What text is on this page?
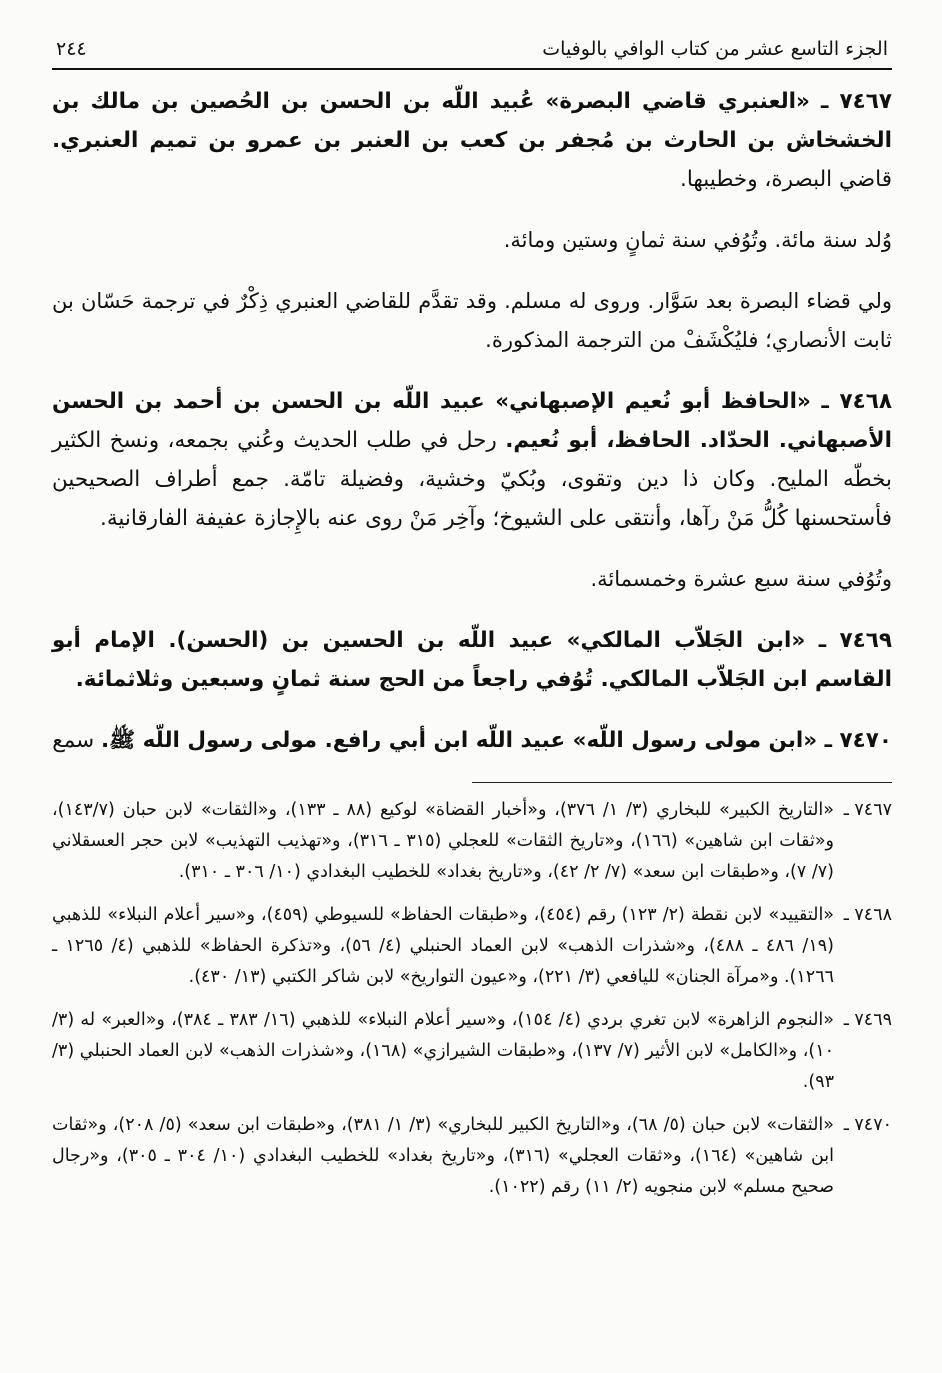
الجزء التاسع عشر من كتاب الوافي بالوفيات
٢٤٤

٧٤٦٧ ـ «العنبري قاضي البصرة» عُبيد اللّه بن الحسن بن الحُصين بن مالك بن الخشخاش بن الحارث بن مُجفر بن كعب بن العنبر بن عمرو بن تميم العنبري. قاضي البصرة، وخطيبها.

وُلد سنة مائة. وتُوُفي سنة ثمانٍ وستين ومائة.

ولي قضاء البصرة بعد سَوَّار. وروى له مسلم. وقد تقدَّم للقاضي العنبري ذِكْرٌ في ترجمة حَسّان بن ثابت الأنصاري؛ فليُكْشَفْ من الترجمة المذكورة.

٧٤٦٨ ـ «الحافظ أبو نُعيم الإصبهاني» عبيد اللّه بن الحسن بن أحمد بن الحسن الأصبهاني. الحدّاد. الحافظ، أبو نُعيم. رحل في طلب الحديث وعُني بجمعه، ونسخ الكثير بخطّه المليح. وكان ذا دين وتقوى، وبُكيّ وخشية، وفضيلة تامّة. جمع أطراف الصحيحين فأستحسنها كُلُّ مَنْ رآها، وأنتقى على الشيوخ؛ وآخِر مَنْ روى عنه بالإِجازة عفيفة الفارقانية.

وتُوُفي سنة سبع عشرة وخمسمائة.

٧٤٦٩ ـ «ابن الجَلاّب المالكي» عبيد اللّه بن الحسين بن (الحسن). الإمام أبو القاسم ابن الجَلاّب المالكي. تُوُفي راجعاً من الحج سنة ثمانٍ وسبعين وثلاثمائة.

٧٤٧٠ ـ «ابن مولى رسول اللّه» عبيد اللّه ابن أبي رافع. مولى رسول اللّه ﷺ. سمع

٧٤٦٧ ـ
«التاريخ الكبير» للبخاري (٣/ ١/ ٣٧٦)، و«أخبار القضاة» لوكيع (٨٨ ـ ١٣٣)، و«الثقات» لابن حبان (١٤٣/٧)، و«ثقات ابن شاهين» (١٦٦)، و«تاريخ الثقات» للعجلي (٣١٥ ـ ٣١٦)، و«تهذيب التهذيب» لابن حجر العسقلاني (٧/ ٧)، و«طبقات ابن سعد» (٧/ ٢/ ٤٢)، و«تاريخ بغداد» للخطيب البغدادي (١٠/ ٣٠٦ ـ ٣١٠).
٧٤٦٨ ـ
«التقييد» لابن نقطة (٢/ ١٢٣) رقم (٤٥٤)، و«طبقات الحفاظ» للسيوطي (٤٥٩)، و«سير أعلام النبلاء» للذهبي (١٩/ ٤٨٦ ـ ٤٨٨)، و«شذرات الذهب» لابن العماد الحنبلي (٤/ ٥٦)، و«تذكرة الحفاظ» للذهبي (٤/ ١٢٦٥ ـ ١٢٦٦). و«مرآة الجنان» لليافعي (٣/ ٢٢١)، و«عيون التواريخ» لابن شاكر الكتبي (١٣/ ٤٣٠).
٧٤٦٩ ـ
«النجوم الزاهرة» لابن تغري بردي (٤/ ١٥٤)، و«سير أعلام النبلاء» للذهبي (١٦/ ٣٨٣ ـ ٣٨٤)، و«العبر» له (٣/ ١٠)، و«الكامل» لابن الأثير (٧/ ١٣٧)، و«طبقات الشيرازي» (١٦٨)، و«شذرات الذهب» لابن العماد الحنبلي (٣/ ٩٣).
٧٤٧٠ ـ
«الثقات» لابن حبان (٥/ ٦٨)، و«التاريخ الكبير للبخاري» (٣/ ١/ ٣٨١)، و«طبقات ابن سعد» (٥/ ٢٠٨)، و«ثقات ابن شاهين» (١٦٤)، و«ثقات العجلي» (٣١٦)، و«تاريخ بغداد» للخطيب البغدادي (١٠/ ٣٠٤ ـ ٣٠٥)، و«رجال صحيح مسلم» لابن منجويه (٢/ ١١) رقم (١٠٢٢).
